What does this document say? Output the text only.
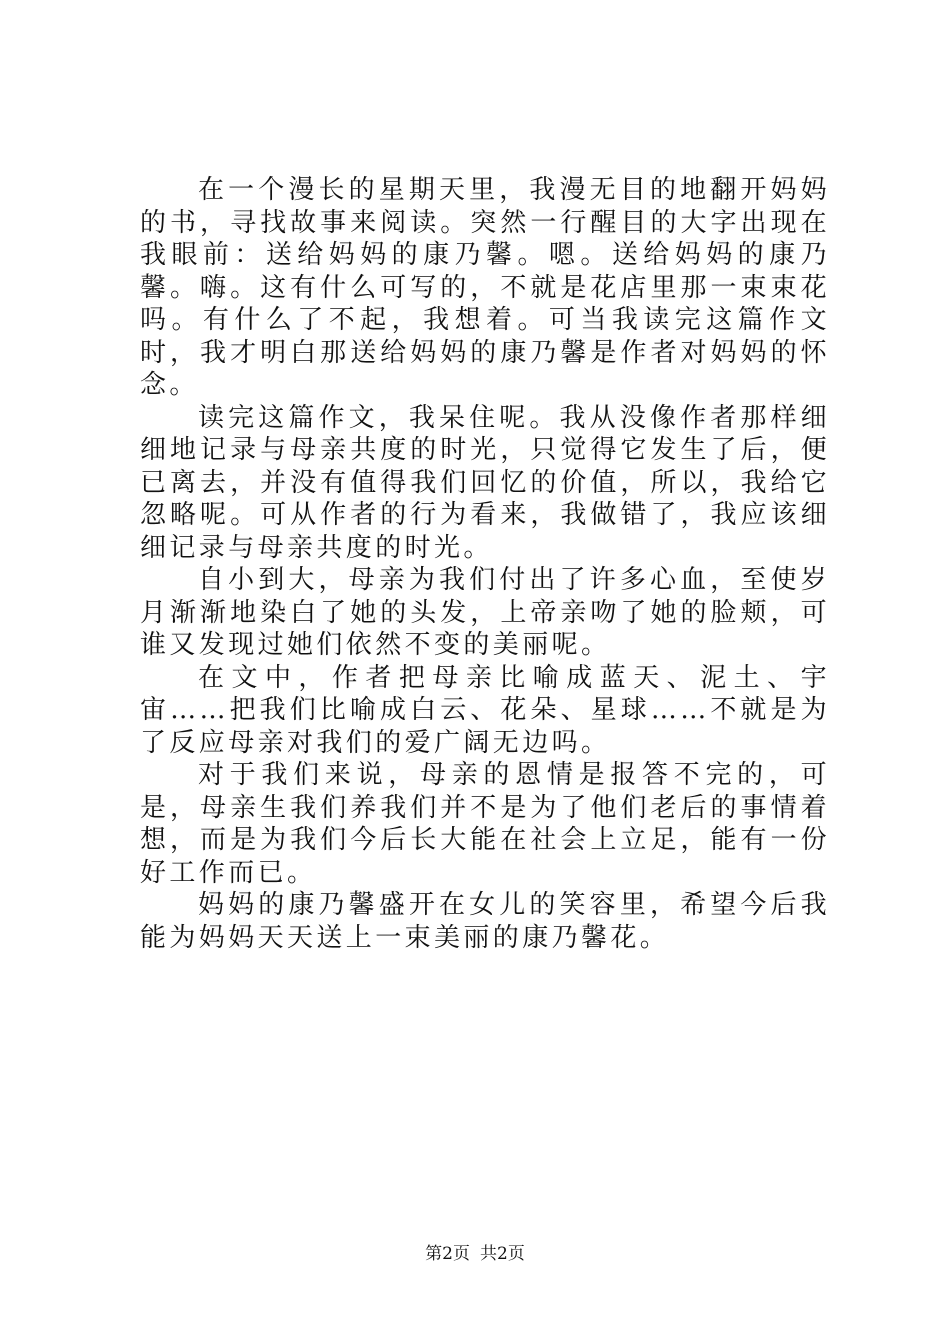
在一个漫长的星期天里，我漫无目的地翻开妈妈的书，寻找故事来阅读。突然一行醒目的大字出现在我眼前：送给妈妈的康乃馨。嗯。送给妈妈的康乃馨。嗨。这有什么可写的，不就是花店里那一束束花吗。有什么了不起，我想着。可当我读完这篇作文时，我才明白那送给妈妈的康乃馨是作者对妈妈的怀念。

读完这篇作文，我呆住呢。我从没像作者那样细细地记录与母亲共度的时光，只觉得它发生了后，便已离去，并没有值得我们回忆的价值，所以，我给它忽略呢。可从作者的行为看来，我做错了，我应该细细记录与母亲共度的时光。

自小到大，母亲为我们付出了许多心血，至使岁月渐渐地染白了她的头发，上帝亲吻了她的脸颊，可谁又发现过她们依然不变的美丽呢。

在文中，作者把母亲比喻成蓝天、泥土、宇宙……把我们比喻成白云、花朵、星球……不就是为了反应母亲对我们的爱广阔无边吗。

对于我们来说，母亲的恩情是报答不完的，可是，母亲生我们养我们并不是为了他们老后的事情着想，而是为我们今后长大能在社会上立足，能有一份好工作而已。

妈妈的康乃馨盛开在女儿的笑容里，希望今后我能为妈妈天天送上一束美丽的康乃馨花。

第2页 共2页
